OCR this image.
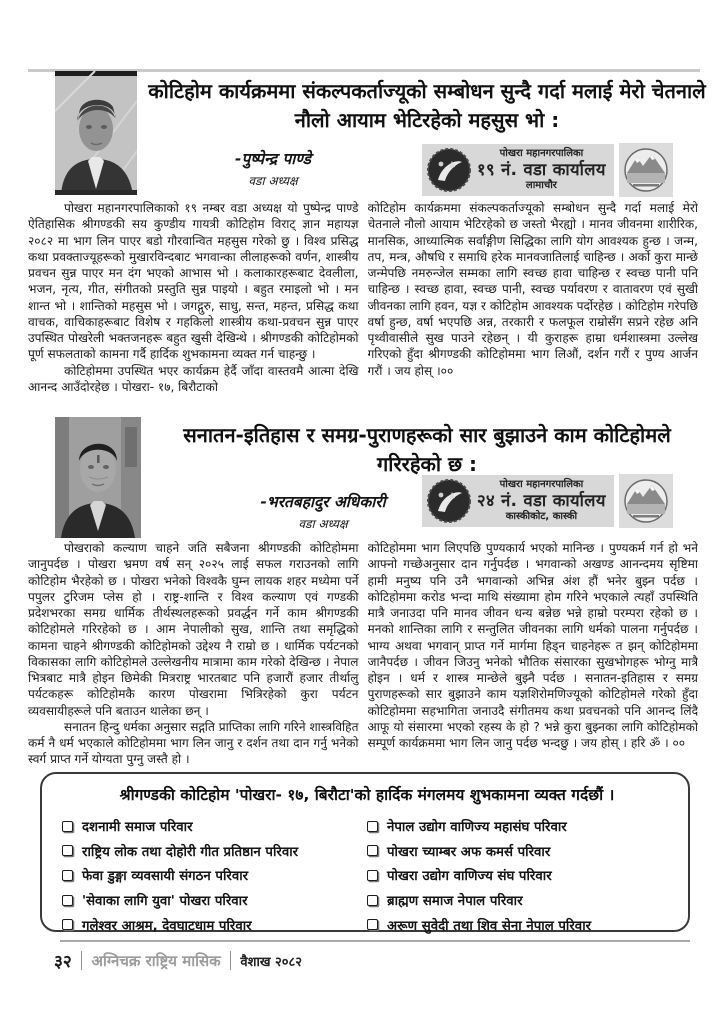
कोटिहोम कार्यक्रममा संकल्पकर्ताज्यूको सम्बोधन सुन्दै गर्दा मलाई मेरो चेतनाले नौलो आयाम भेटिरहेको महसुस भो :
-पुष्पेन्द्र पाण्डे
वडा अध्यक्ष
पोखरा महानगरपालिका
१९ नं. वडा कार्यालय
लामाचौर

पोखरा महानगरपालिकाको १९ नम्बर वडा अध्यक्ष यो पुष्पेन्द्र पाण्डे ऐतिहासिक श्रीगण्डकी सय कुण्डीय गायत्री कोटिहोम विराट् ज्ञान महायज्ञ २०८२ मा भाग लिन पाएर बडो गौरवान्वित महसुस गरेको छु । विश्व प्रसिद्ध कथा प्रवक्ताज्यूहरूको मुखारविन्दबाट भगवान्का लीलाहरूको वर्णन, शास्त्रीय प्रवचन सुन्न पाएर मन दंग भएको आभास भो । कलाकारहरूबाट देवलीला, भजन, नृत्य, गीत, संगीतको प्रस्तुति सुन्न पाइयो । बहुत रमाइलो भो । मन शान्त भो । शान्तिको महसुस भो । जगद्गुरु, साधु, सन्त, महन्त, प्रसिद्ध कथा वाचक, वाचिकाहरूबाट विशेष र गहकिलो शास्त्रीय कथा-प्रवचन सुन्न पाएर उपस्थित पोखरेली भक्तजनहरू बहुत खुसी देखिन्थे । श्रीगण्डकी कोटिहोमको पूर्ण सफलताको कामना गर्दै हार्दिक शुभकामना व्यक्त गर्न चाहन्छु ।

कोटिहोममा उपस्थित भएर कार्यक्रम हेर्दै जाँदा वास्तवमै आत्मा देखि आनन्द आउँदोरहेछ । पोखरा- १७, बिरौटाको

कोटिहोम कार्यक्रममा संकल्पकर्ताज्यूको सम्बोधन सुन्दै गर्दा मलाई मेरो चेतनाले नौलो आयाम भेटिरहेको छ जस्तो भैरह्यो । मानव जीवनमा शारीरिक, मानसिक, आध्यात्मिक सर्वांङ्गीण सिद्धिका लागि योग आवश्यक हुन्छ । जन्म, तप, मन्त्र, औषधि र समाधि हरेक मानवजातिलाई चाहिन्छ । अर्को कुरा मान्छे जन्मेपछि नमरुन्जेल सम्मका लागि स्वच्छ हावा चाहिन्छ र स्वच्छ पानी पनि चाहिन्छ । स्वच्छ हावा, स्वच्छ पानी, स्वच्छ पर्यावरण र वातावरण एवं सुखी जीवनका लागि हवन, यज्ञ र कोटिहोम आवश्यक पर्दोरहेछ । कोटिहोम गरेपछि वर्षा हुन्छ, वर्षा भएपछि अन्न, तरकारी र फलफूल राम्रोसँग सप्रने रहेछ अनि पृथ्वीवासीले सुख पाउने रहेछन् । यी कुराहरू हाम्रा धर्मशास्त्रमा उल्लेख गरिएको हुँदा श्रीगण्डकी कोटिहोममा भाग लिऔं, दर्शन गरौं र पुण्य आर्जन गरौं । जय होस् ।००

सनातन-इतिहास र समग्र-पुराणहरूको सार बुझाउने काम कोटिहोमले गरिरहेको छ :
-भरतबहादुर अधिकारी
वडा अध्यक्ष
पोखरा महानगरपालिका
२४ नं. वडा कार्यालय
कास्कीकोट, कास्की

पोखराको कल्याण चाहने जति सबैजना श्रीगण्डकी कोटिहोममा जानुपर्दछ । पोखरा भ्रमण वर्ष सन् २०२५ लाई सफल गराउनको लागि कोटिहोम भैरहेको छ । पोखरा भनेको विश्वकै घुम्न लायक शहर मध्येमा पर्ने पपुलर टुरिजम प्लेस हो । राष्ट्र-शान्ति र विश्व कल्याण एवं गण्डकी प्रदेशभरका समग्र धार्मिक तीर्थस्थलहरूको प्रवर्द्धन गर्ने काम श्रीगण्डकी कोटिहोमले गरिरहेको छ । आम नेपालीको सुख, शान्ति तथा समृद्धिको कामना चाहने श्रीगण्डकी कोटिहोमको उद्देश्य नै राम्रो छ । धार्मिक पर्यटनको विकासका लागि कोटिहोमले उल्लेखनीय मात्रामा काम गरेको देखिन्छ । नेपाल भित्रबाट मात्रै होइन छिमेकी मित्रराष्ट्र भारतबाट पनि हजारौं हजार तीर्थालु पर्यटकहरू कोटिहोमकै कारण पोखरामा भित्रिरहेको कुरा पर्यटन व्यवसायीहरूले पनि बताउन थालेका छन् ।

सनातन हिन्दु धर्मका अनुसार सद्गति प्राप्तिका लागि गरिने शास्त्रविहित कर्म नै धर्म भएकाले कोटिहोममा भाग लिन जानु र दर्शन तथा दान गर्नु भनेको स्वर्ग प्राप्त गर्ने योग्यता पुग्नु जस्तै हो ।

कोटिहोममा भाग लिएपछि पुण्यकार्य भएको मानिन्छ । पुण्यकर्म गर्न हो भने आफ्नो गच्छेअनुसार दान गर्नुपर्दछ । भगवान्को अखण्ड आनन्दमय सृष्टिमा हामी मनुष्य पनि उनै भगवान्को अभिन्न अंश हौं भनेर बुझ्न पर्दछ । कोटिहोममा करोड भन्दा माथि संख्यामा होम गरिने भएकाले त्यहाँ उपस्थिति मात्रै जनाउदा पनि मानव जीवन धन्य बन्नेछ भन्ने हाम्रो परम्परा रहेको छ । मनको शान्तिका लागि र सन्तुलित जीवनका लागि धर्मको पालना गर्नुपर्दछ । भाग्य अथवा भगवान् प्राप्त गर्ने मार्गमा हिड्न चाहनेहरू त झन् कोटिहोममा जानैपर्दछ । जीवन जिउनु भनेको भौतिक संसारका सुखभोगहरू भोग्नु मात्रै होइन । धर्म र शास्त्र मान्छेले बुझ्नै पर्दछ । सनातन-इतिहास र समग्र पुराणहरूको सार बुझाउने काम यज्ञशिरोमणिज्यूको कोटिहोमले गरेको हुँदा कोटिहोममा सहभागिता जनाउदै संगीतमय कथा प्रवचनको पनि आनन्द लिंदै आफू यो संसारमा भएको रहस्य के हो ? भन्ने कुरा बुझ्नका लागि कोटिहोमको सम्पूर्ण कार्यक्रममा भाग लिन जानु पर्दछ भन्दछु । जय होस् । हरि ॐ । ००

श्रीगण्डकी कोटिहोम 'पोखरा- १७, बिरौटा'को हार्दिक मंगलमय शुभकामना व्यक्त गर्दछौं ।
दशनामी समाज परिवार
राष्ट्रिय लोक तथा दोहोरी गीत प्रतिष्ठान परिवार
फेवा डुङ्गा व्यवसायी संगठन परिवार
'सेवाका लागि युवा' पोखरा परिवार
गलेश्वर आश्रम, देवघाटधाम परिवार
नेपाल उद्योग वाणिज्य महासंघ परिवार
पोखरा च्याम्बर अफ कमर्स परिवार
पोखरा उद्योग वाणिज्य संघ परिवार
ब्राह्मण समाज नेपाल परिवार
अरूण सुवेदी तथा शिव सेना नेपाल परिवार
३२ अग्निचक्र राष्ट्रिय मासिक वैशाख २०८२
